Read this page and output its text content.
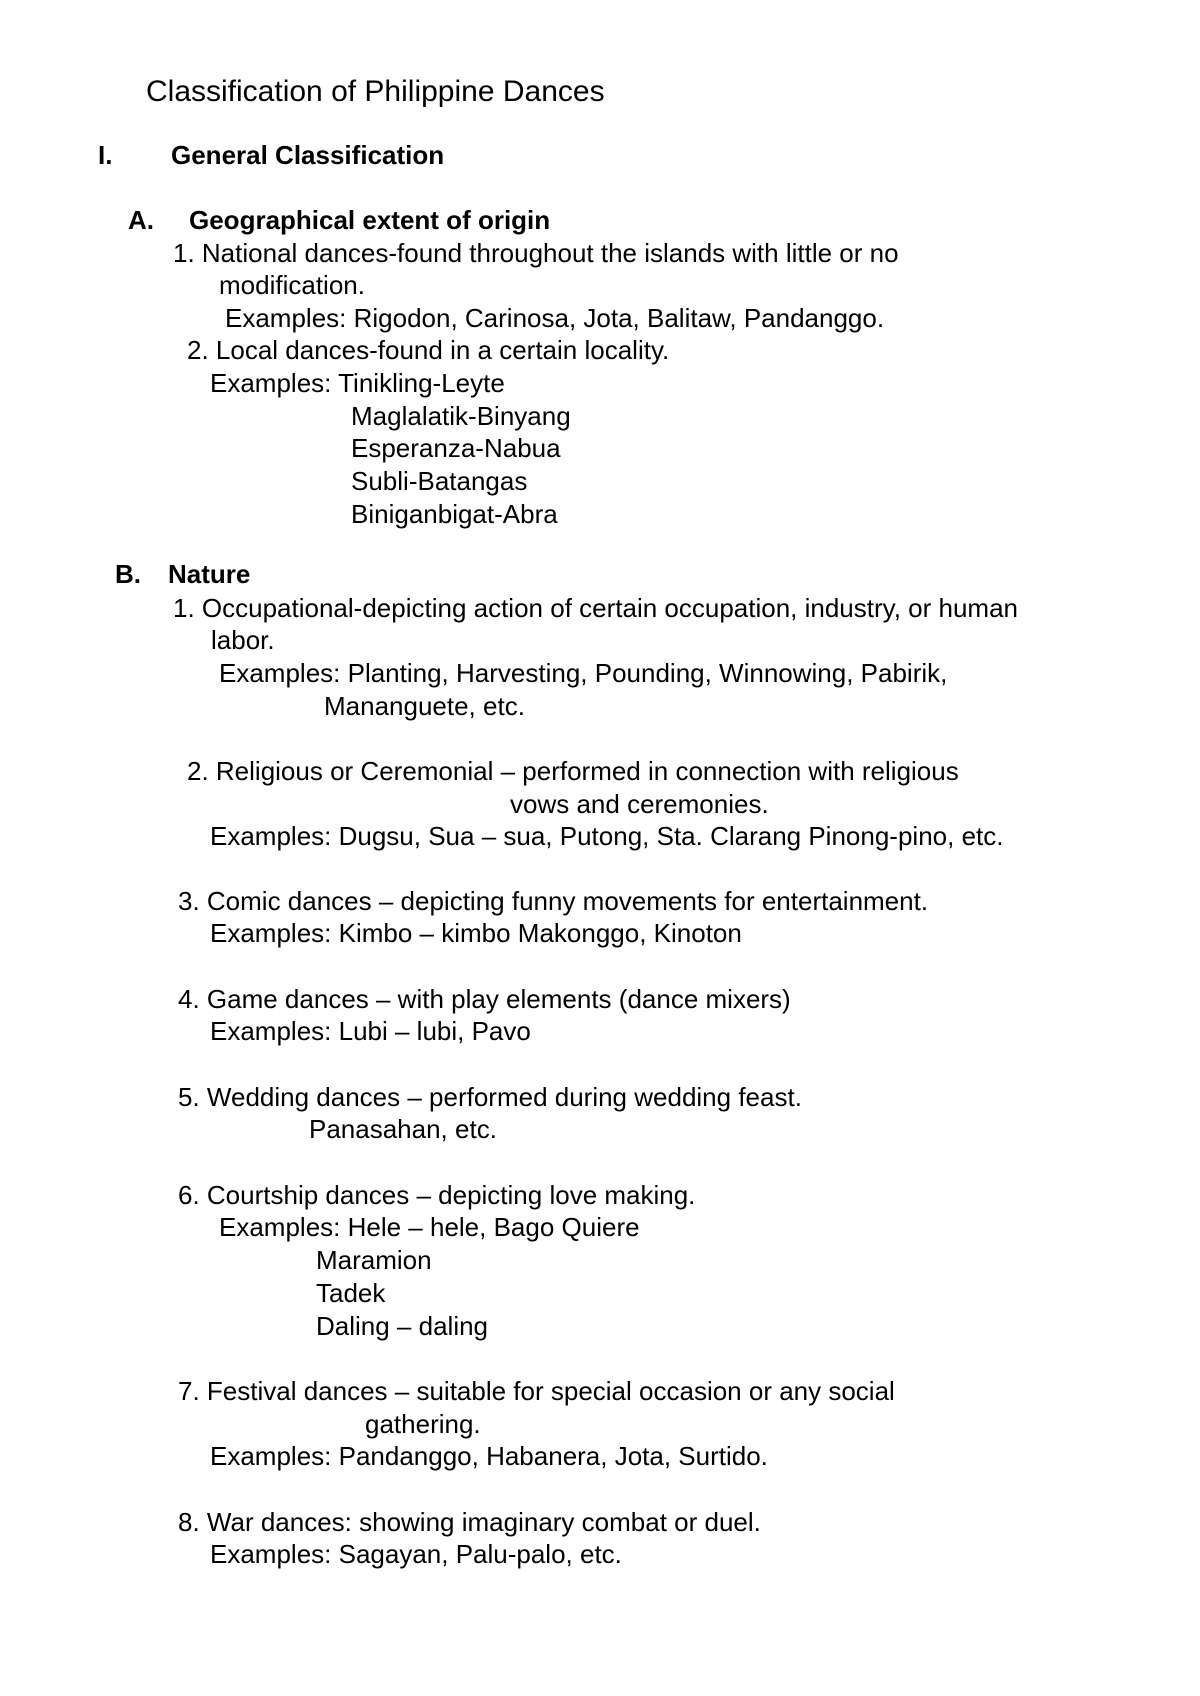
Classification of Philippine Dances
I. General Classification
A. Geographical extent of origin
1. National dances-found throughout the islands with little or no
modification.
Examples: Rigodon, Carinosa, Jota, Balitaw, Pandanggo.
2. Local dances-found in a certain locality.
Examples: Tinikling-Leyte
Maglalatik-Binyang
Esperanza-Nabua
Subli-Batangas
Biniganbigat-Abra
B. Nature
1. Occupational-depicting action of certain occupation, industry, or human
labor.
Examples: Planting, Harvesting, Pounding, Winnowing, Pabirik,
Mananguete, etc.
2. Religious or Ceremonial – performed in connection with religious
vows and ceremonies.
Examples: Dugsu, Sua – sua, Putong, Sta. Clarang Pinong-pino, etc.
3. Comic dances – depicting funny movements for entertainment.
Examples: Kimbo – kimbo Makonggo, Kinoton
4. Game dances – with play elements (dance mixers)
Examples: Lubi – lubi, Pavo
5. Wedding dances – performed during wedding feast.
Panasahan, etc.
6. Courtship dances – depicting love making.
Examples: Hele – hele, Bago Quiere
Maramion
Tadek
Daling – daling
7. Festival dances – suitable for special occasion or any social
gathering.
Examples: Pandanggo, Habanera, Jota, Surtido.
8. War dances: showing imaginary combat or duel.
Examples: Sagayan, Palu-palo, etc.
